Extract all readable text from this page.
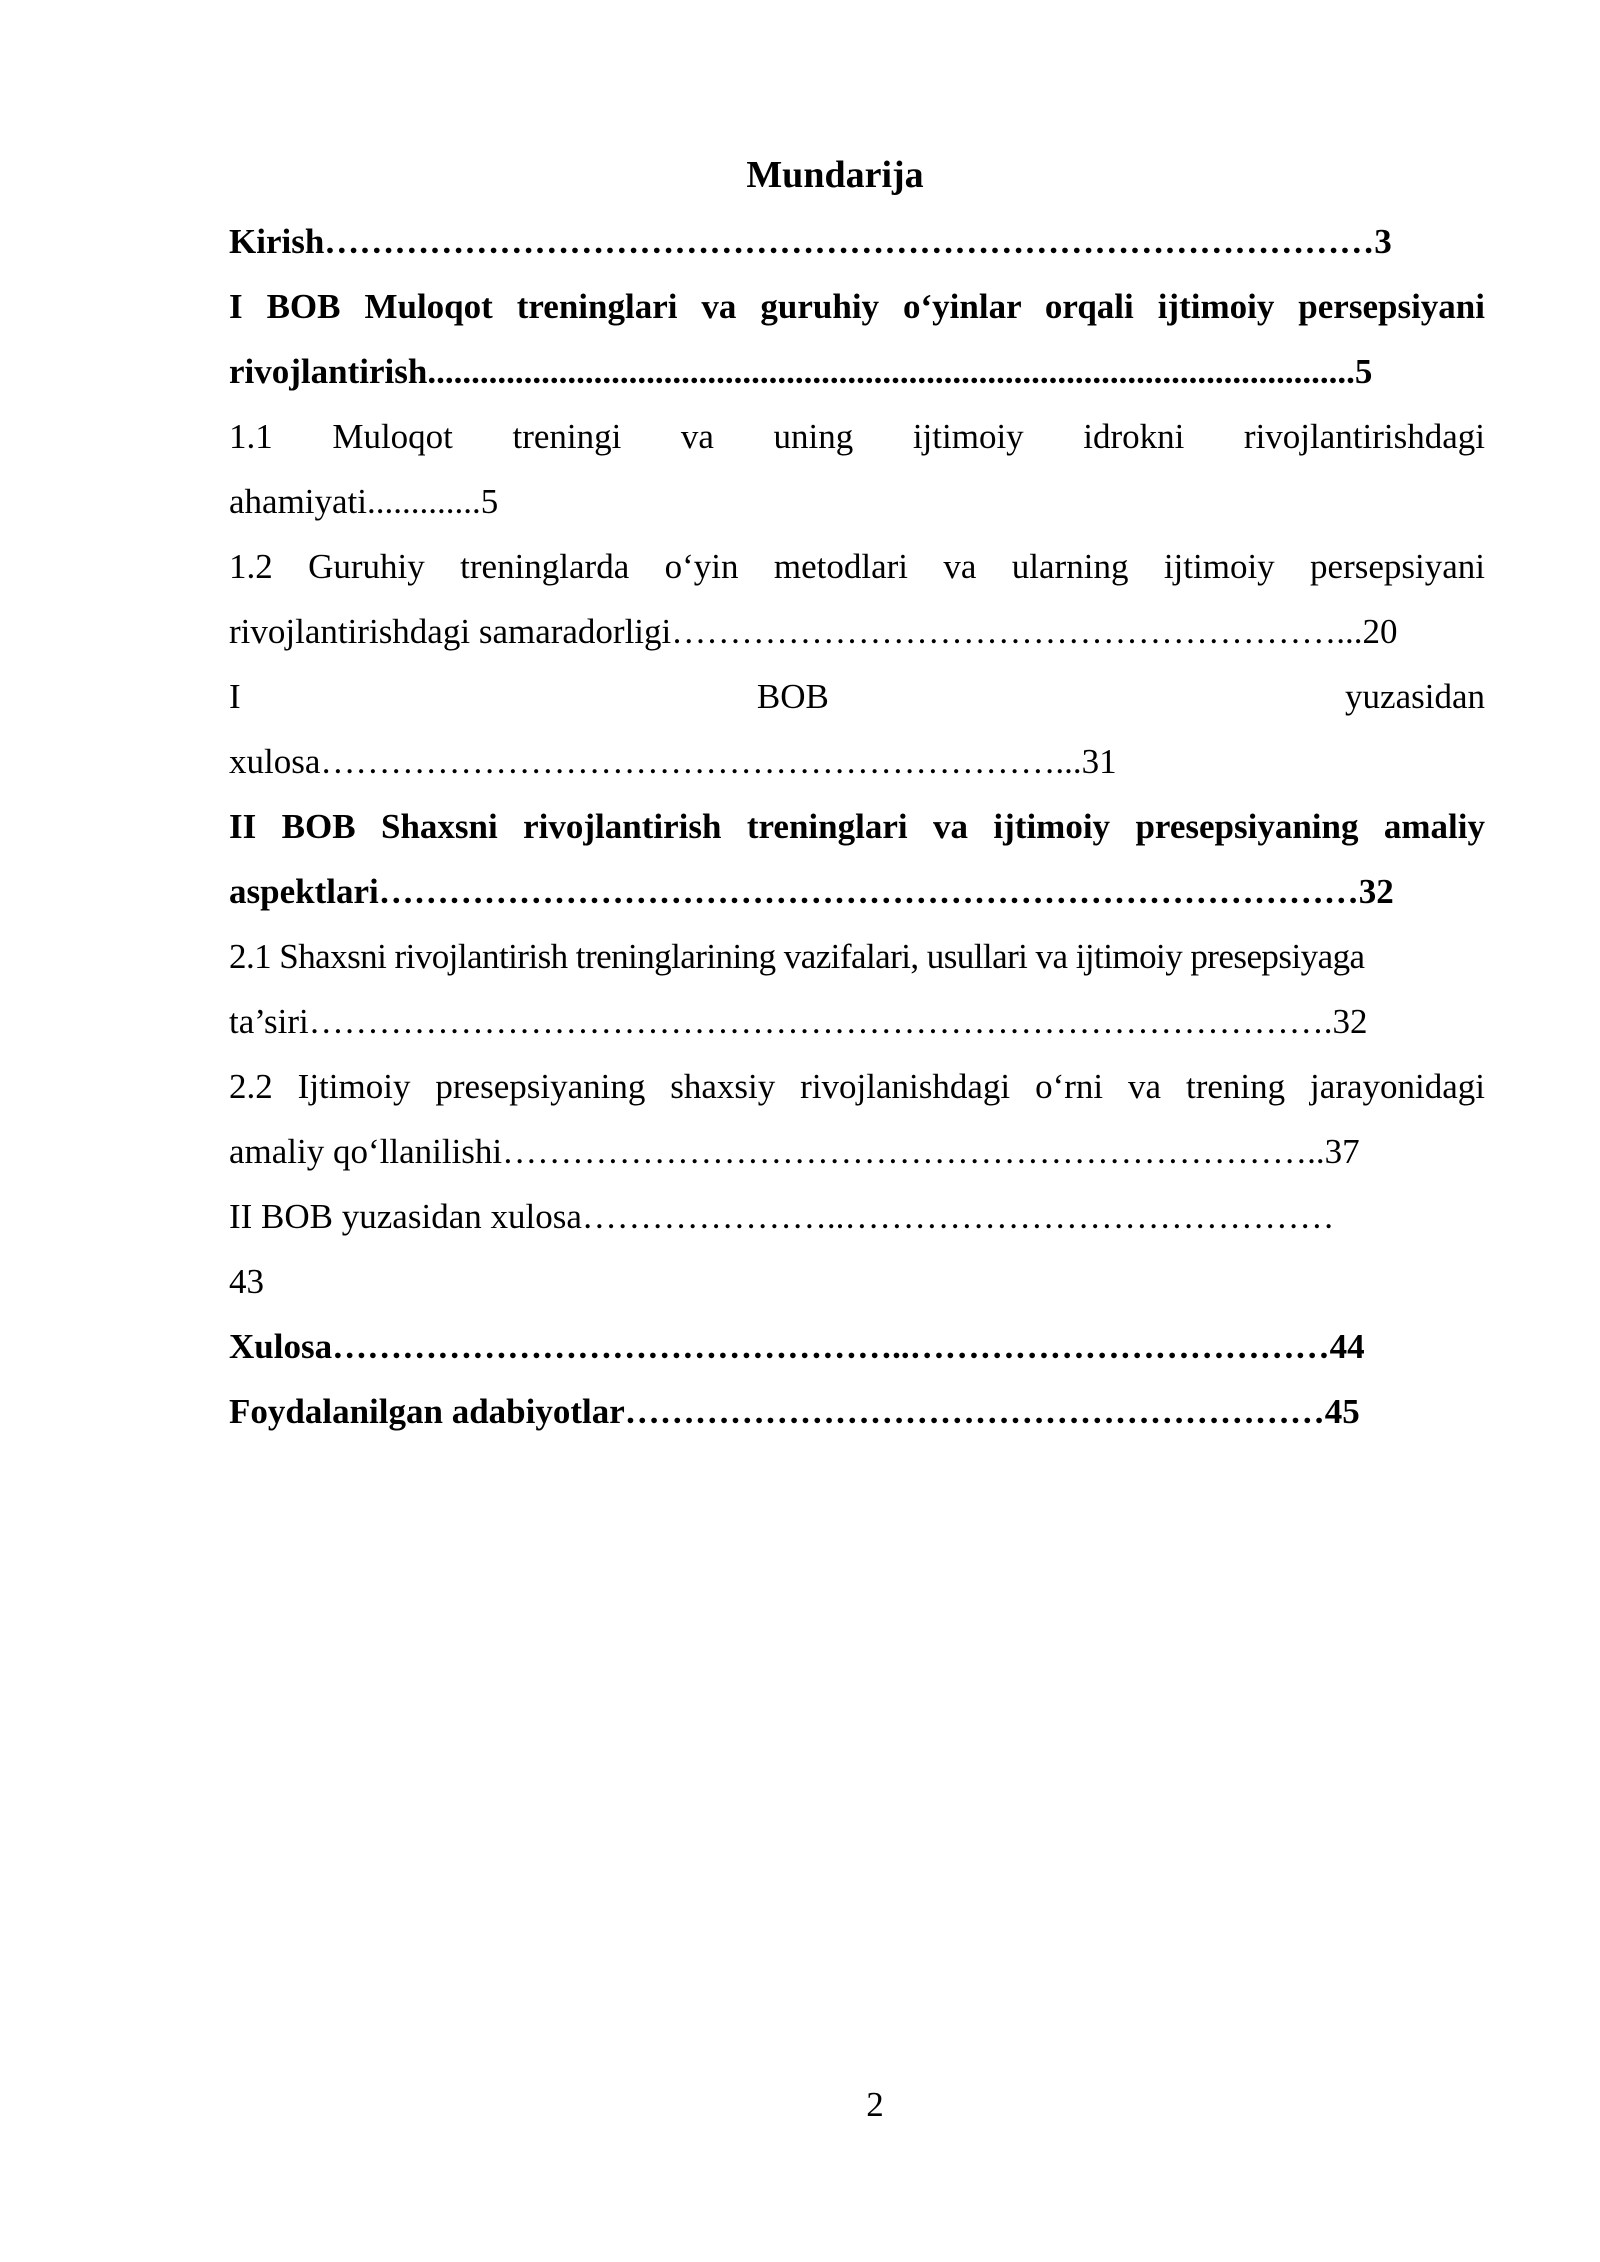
Mundarija

Kirish………………………………………………………………………………3

I BOB Muloqot treninglari va guruhiy o‘yinlar orqali ijtimoiy persepsiyani

rivojlantirish..........................................................................................................5

1.1 Muloqot treningi va uning ijtimoiy idrokni rivojlantirishdagi

ahamiyati.............5

1.2 Guruhiy treninglarda o‘yin metodlari va ularning ijtimoiy persepsiyani

rivojlantirishdagi samaradorligi…………………………………………………...20

I BOB yuzasidan

xulosa………………………………………………………...31

II BOB Shaxsni rivojlantirish treninglari va ijtimoiy presepsiyaning amaliy

aspektlari…………………………………………………………………………32

2.1 Shaxsni rivojlantirish treninglarining vazifalari, usullari va ijtimoiy presepsiyaga

ta’siri…………………………………………………………………………….32

2.2 Ijtimoiy presepsiyaning shaxsiy rivojlanishdagi o‘rni va trening jarayonidagi

amaliy qo‘llanilishi……………………………………………………………..37

II BOB yuzasidan xulosa…………………..……………………………………

43

Xulosa…………………………………………..………………………………44

Foydalanilgan adabiyotlar……………………………………………………45

2
